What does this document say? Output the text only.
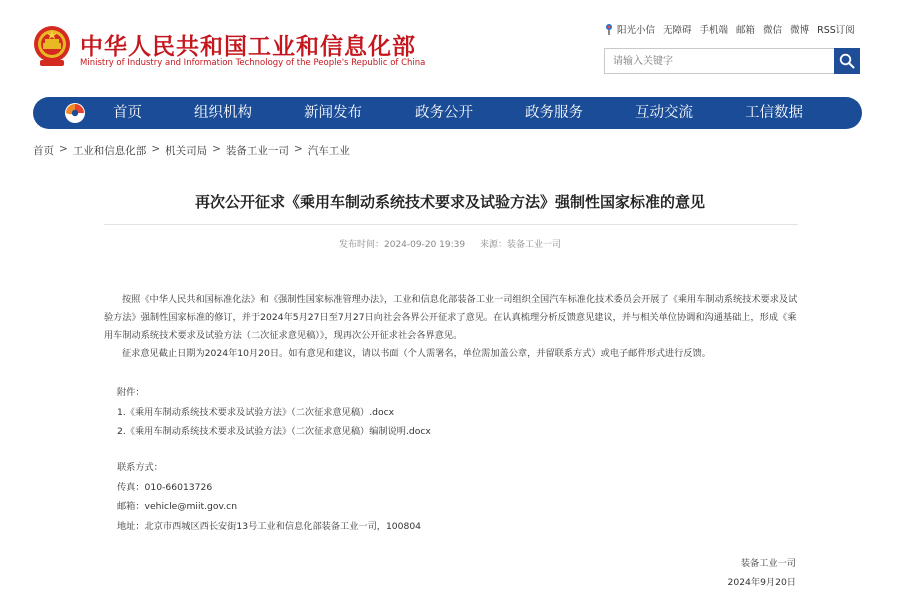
中华人民共和国工业和信息化部
Ministry of Industry and Information Technology of the People's Republic of China
阳光小信 无障碍 手机端 邮箱 微信 微博 RSS订阅
请输入关键字
首页	组织机构	新闻发布	政务公开	政务服务	互动交流	工信数据
首页 > 工业和信息化部 > 机关司局 > 装备工业一司 > 汽车工业
再次公开征求《乘用车制动系统技术要求及试验方法》强制性国家标准的意见
发布时间：2024-09-20 19:39 来源：装备工业一司

按照《中华人民共和国标准化法》和《强制性国家标准管理办法》，工业和信息化部装备工业一司组织全国汽车标准化技术委员会开展了《乘用车制动系统技术要求及试验方法》强制性国家标准的修订，并于2024年5月27日至7月27日向社会各界公开征求了意见。在认真梳理分析反馈意见建议，并与相关单位协调和沟通基础上，形成《乘用车制动系统技术要求及试验方法（二次征求意见稿）》，现再次公开征求社会各界意见。

征求意见截止日期为2024年10月20日。如有意见和建议，请以书面（个人需署名，单位需加盖公章，并留联系方式）或电子邮件形式进行反馈。

附件：
1.《乘用车制动系统技术要求及试验方法》（二次征求意见稿）.docx
2.《乘用车制动系统技术要求及试验方法》（二次征求意见稿）编制说明.docx
联系方式：
传真：010-66013726
邮箱：vehicle@miit.gov.cn
地址：北京市西城区西长安街13号工业和信息化部装备工业一司，100804
装备工业一司
2024年9月20日
